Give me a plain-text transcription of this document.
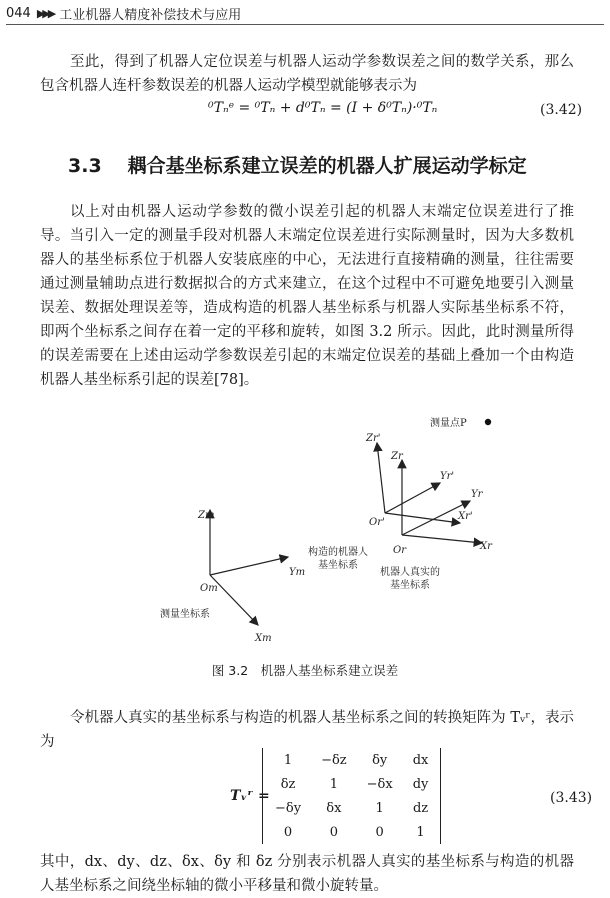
044 ▶▶▶ 工业机器人精度补偿技术与应用
至此，得到了机器人定位误差与机器人运动学参数误差之间的数学关系，那么包含机器人连杆参数误差的机器人运动学模型就能够表示为
⁰Tₙᵉ = ⁰Tₙ + d⁰Tₙ = (I + δ⁰Tₙ)·⁰Tₙ	(3.42)
3.3 耦合基坐标系建立误差的机器人扩展运动学标定
以上对由机器人运动学参数的微小误差引起的机器人末端定位误差进行了推导。当引入一定的测量手段对机器人末端定位误差进行实际测量时，因为大多数机器人的基坐标系位于机器人安装底座的中心，无法进行直接精确的测量，往往需要通过测量辅助点进行数据拟合的方式来建立，在这个过程中不可避免地要引入测量误差、数据处理误差等，造成构造的机器人基坐标系与机器人实际基坐标系不符，即两个坐标系之间存在着一定的平移和旋转，如图 3.2 所示。因此，此时测量所得的误差需要在上述由运动学参数误差引起的末端定位误差的基础上叠加一个由构造机器人基坐标系引起的误差[78]。
测量点P
Zm
Ym
Xm
Om
Zr'
Yr'
Xr'
Or'
Zr
Yr
Xr
Or
测量坐标系
构造的机器人
基坐标系
机器人真实的
基坐标系
图 3.2　机器人基坐标系建立误差
令机器人真实的基坐标系与构造的机器人基坐标系之间的转换矩阵为 Tᵥʳ，表示为
Tᵥʳ =
1	−δz	δy	dx
δz	1	−δx	dy
−δy	δx	1	dz
0	0	0	1
(3.43)
其中，dx、dy、dz、δx、δy 和 δz 分别表示机器人真实的基坐标系与构造的机器人基坐标系之间绕坐标轴的微小平移量和微小旋转量。
